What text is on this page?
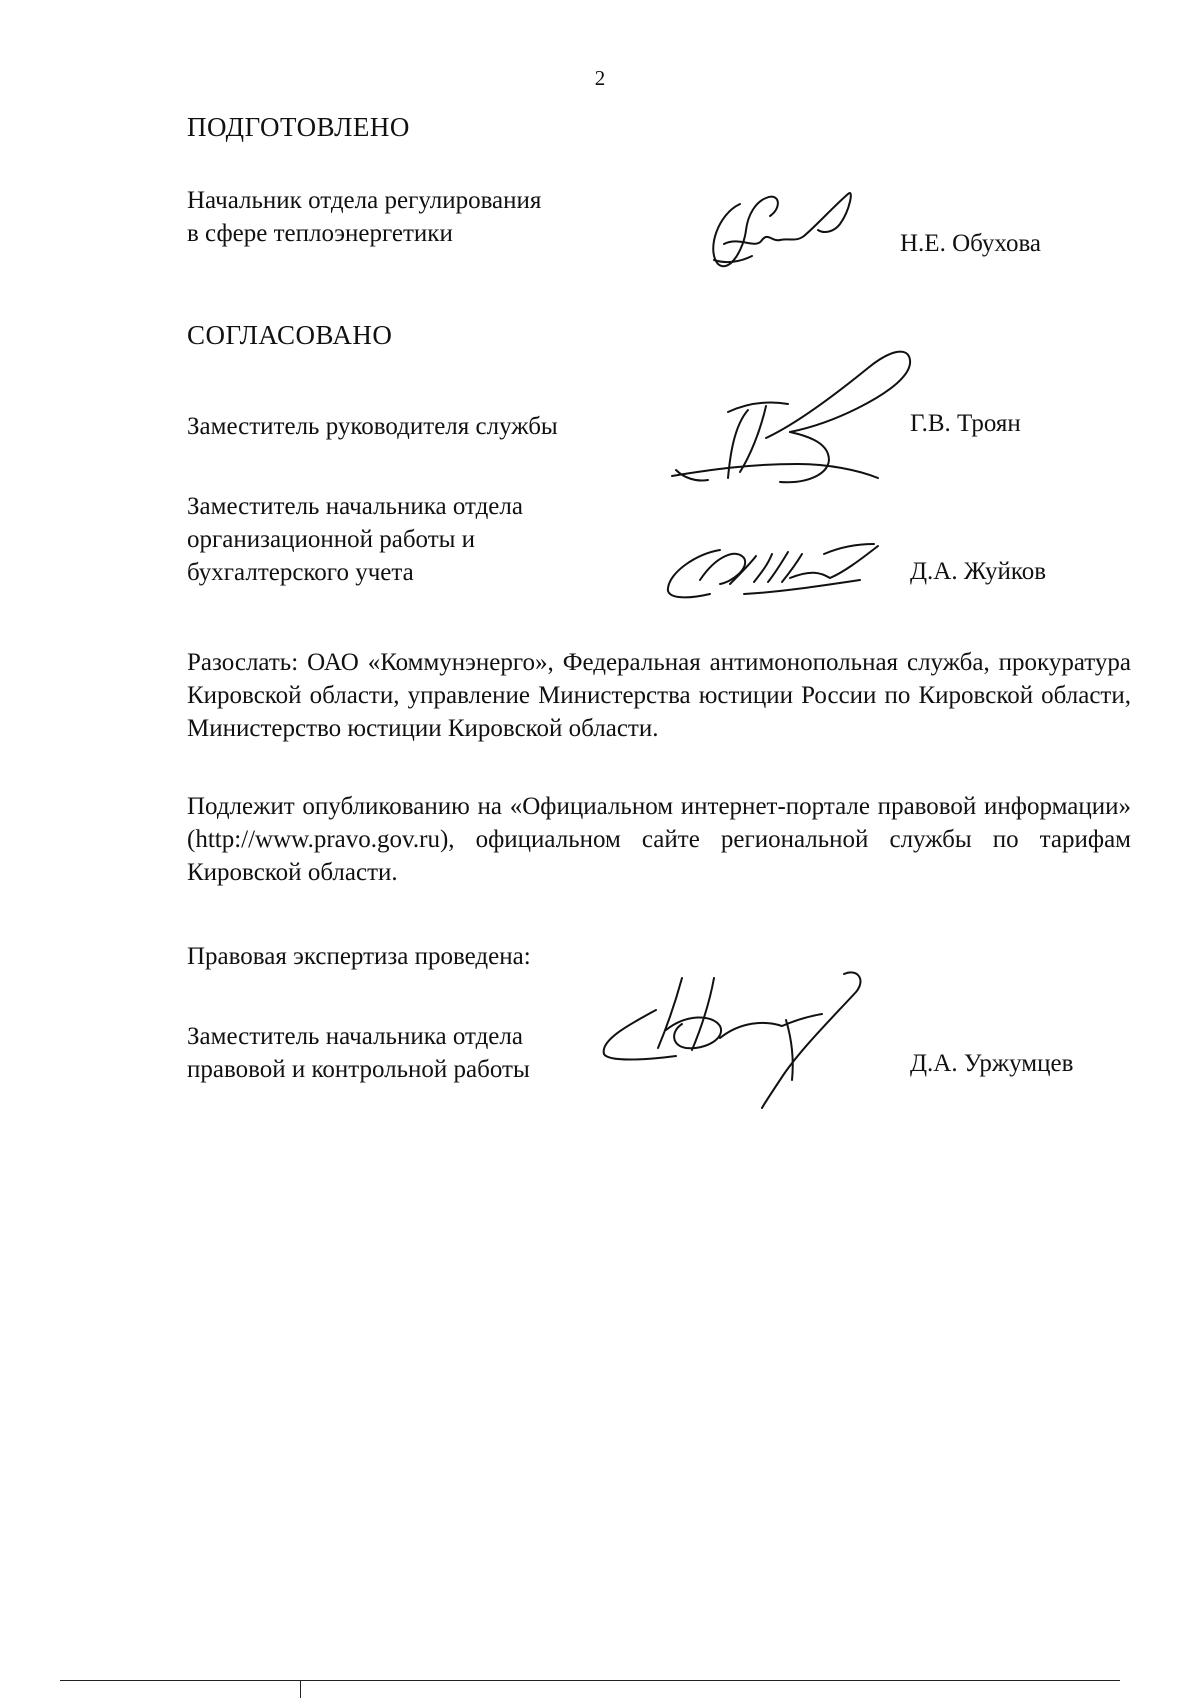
2
ПОДГОТОВЛЕНО
Начальник отдела регулирования
в сфере теплоэнергетики	Н.Е. Обухова
СОГЛАСОВАНО
Заместитель руководителя службы	Г.В. Троян
Заместитель начальника отдела
организационной работы и
бухгалтерского учета	Д.А. Жуйков
Разослать: ОАО «Коммунэнерго», Федеральная антимонопольная служба, прокуратура Кировской области, управление Министерства юстиции России по Кировской области, Министерство юстиции Кировской области.
Подлежит опубликованию на «Официальном интернет-портале правовой информации» (http://www.pravo.gov.ru), официальном сайте региональной службы по тарифам Кировской области.
Правовая экспертиза проведена:
Заместитель начальника отдела
правовой и контрольной работы	Д.А. Уржумцев
